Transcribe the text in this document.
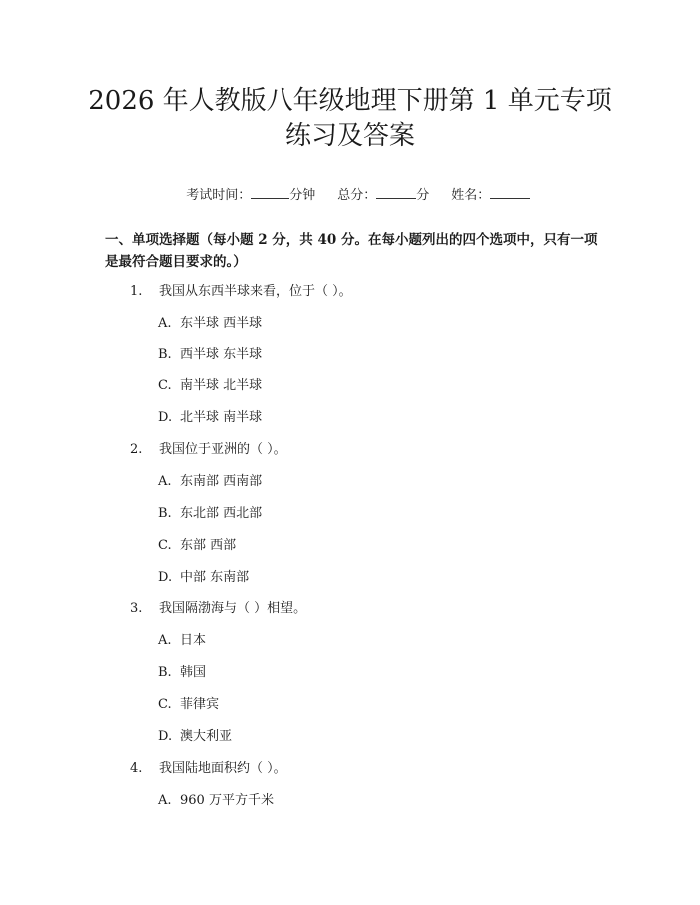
2026 年人教版八年级地理下册第 1 单元专项
练习及答案

考试时间：	分钟 总分：	分 姓名：

一、单项选择题（每小题 2 分，共 40 分。在每小题列出的四个选项中，只有一项是最符合题目要求的。）
1. 我国从东西半球来看，位于（ ）。
A. 东半球 西半球
B. 西半球 东半球
C. 南半球 北半球
D. 北半球 南半球
2. 我国位于亚洲的（ ）。
A. 东南部 西南部
B. 东北部 西北部
C. 东部 西部
D. 中部 东南部
3. 我国隔渤海与（ ）相望。
A. 日本
B. 韩国
C. 菲律宾
D. 澳大利亚
4. 我国陆地面积约（ ）。
A. 960 万平方千米
